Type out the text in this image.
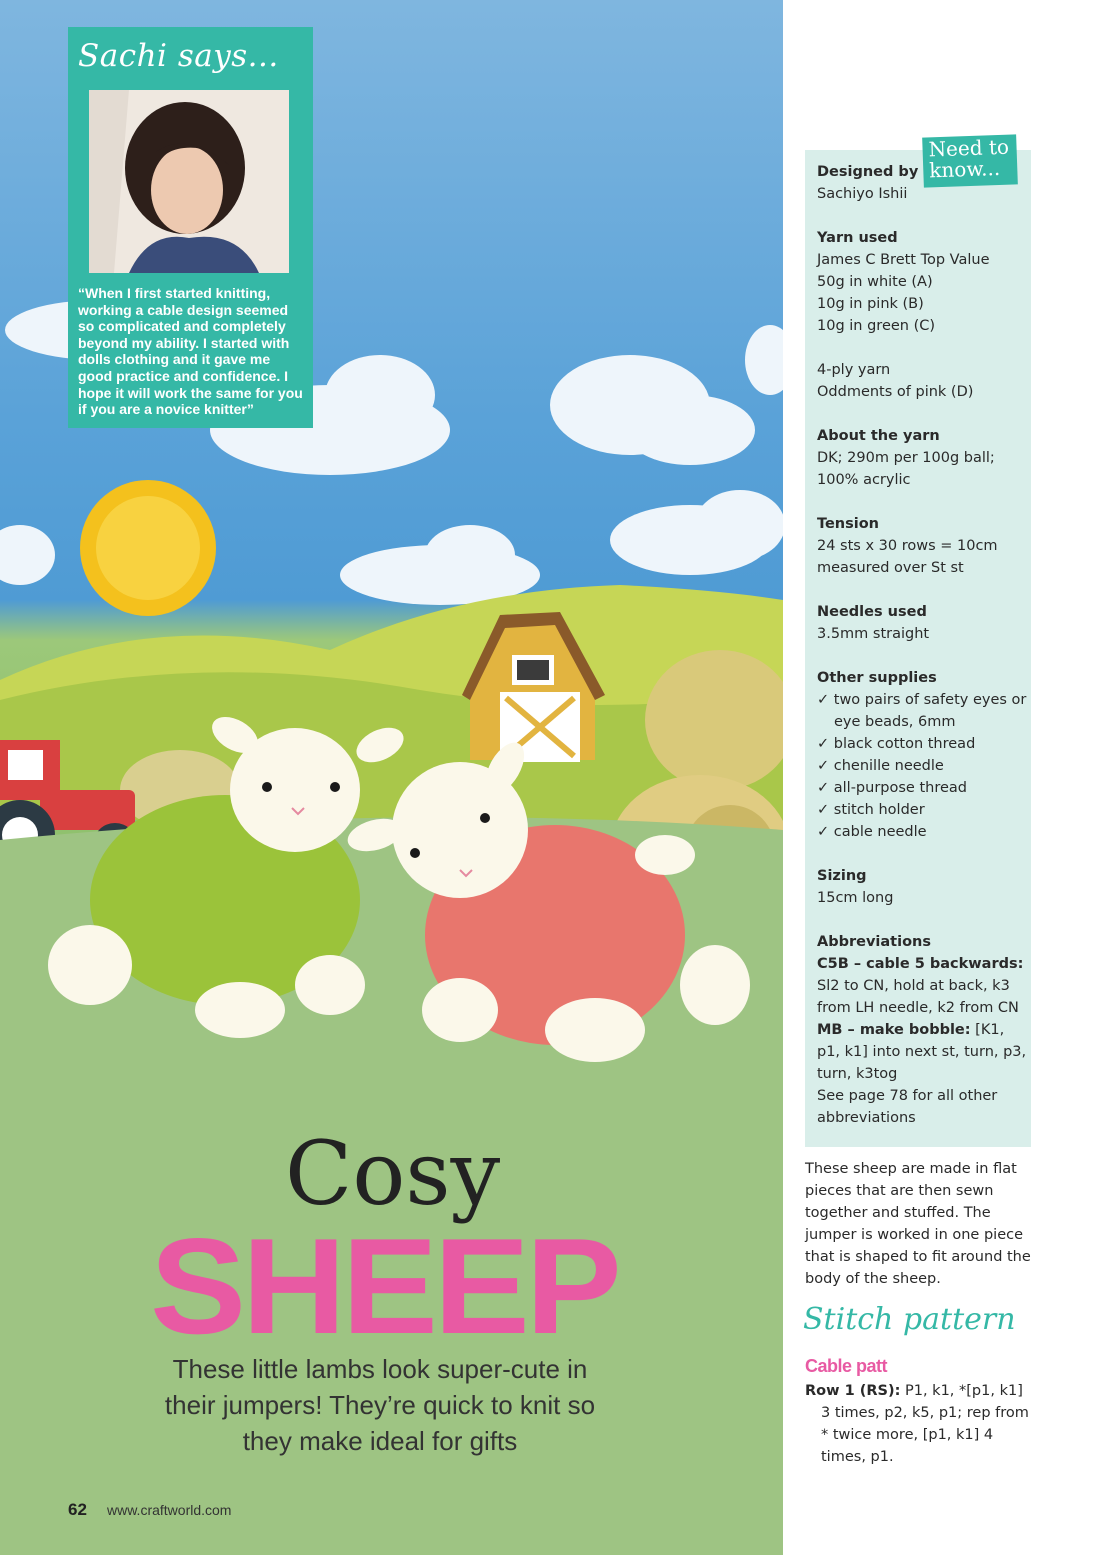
Sachi says...
“When I first started knitting, working a cable design seemed so complicated and completely beyond my ability. I started with dolls clothing and it gave me good practice and confidence. I hope it will work the same for you if you are a novice knitter”
Cosy
SHEEP
These little lambs look super-cute in their jumpers! They’re quick to knit so they make ideal for gifts
62 www.craftworld.com
Need to know...
Designed by
Sachiyo Ishii
Yarn used
James C Brett Top Value
50g in white (A)
10g in pink (B)
10g in green (C)
4-ply yarn
Oddments of pink (D)
About the yarn
DK; 290m per 100g ball;
100% acrylic
Tension
24 sts x 30 rows = 10cm
measured over St st
Needles used
3.5mm straight
Other supplies
✓ two pairs of safety eyes or eye beads, 6mm
✓ black cotton thread
✓ chenille needle
✓ all-purpose thread
✓ stitch holder
✓ cable needle
Sizing
15cm long
Abbreviations
C5B – cable 5 backwards: Sl2 to CN, hold at back, k3 from LH needle, k2 from CN
MB – make bobble: [K1, p1, k1] into next st, turn, p3, turn, k3tog
See page 78 for all other abbreviations
These sheep are made in flat pieces that are then sewn together and stuffed. The jumper is worked in one piece that is shaped to fit around the body of the sheep.
Stitch pattern
Cable patt
Row 1 (RS): P1, k1, *[p1, k1] 3 times, p2, k5, p1; rep from * twice more, [p1, k1] 4 times, p1.
